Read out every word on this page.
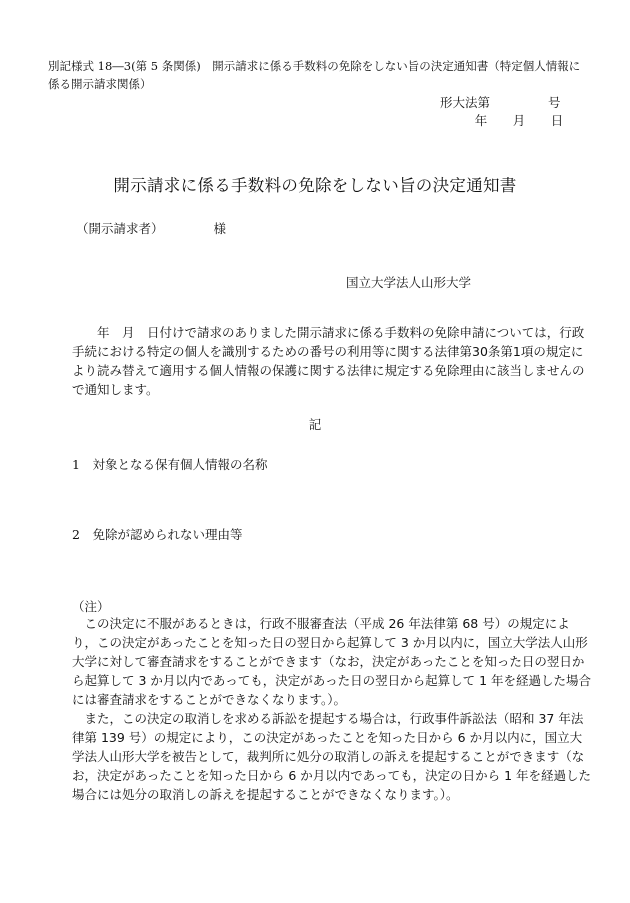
別記様式 18―3(第 5 条関係)　 開示請求に係る手数料の免除をしない旨の決定通知書（特定個人情報に係る開示請求関係）
形大法第	号
年 月 日
開示請求に係る手数料の免除をしない旨の決定通知書
（開示請求者）	様
国立大学法人山形大学
年　月　日付けで請求のありました開示請求に係る手数料の免除申請については，行政手続における特定の個人を識別するための番号の利用等に関する法律第30条第1項の規定により読み替えて適用する個人情報の保護に関する法律に規定する免除理由に該当しませんので通知します。
記
1　 対象となる保有個人情報の名称
2　 免除が認められない理由等
（注）
この決定に不服があるときは，行政不服審査法（平成 26 年法律第 68 号）の規定により，この決定があったことを知った日の翌日から起算して 3 か月以内に，国立大学法人山形大学に対して審査請求をすることができます（なお，決定があったことを知った日の翌日から起算して 3 か月以内であっても，決定があった日の翌日から起算して 1 年を経過した場合には審査請求をすることができなくなります。）。
また，この決定の取消しを求める訴訟を提起する場合は，行政事件訴訟法（昭和 37 年法律第 139 号）の規定により，この決定があったことを知った日から 6 か月以内に，国立大学法人山形大学を被告として，裁判所に処分の取消しの訴えを提起することができます（なお，決定があったことを知った日から 6 か月以内であっても，決定の日から 1 年を経過した場合には処分の取消しの訴えを提起することができなくなります。）。
